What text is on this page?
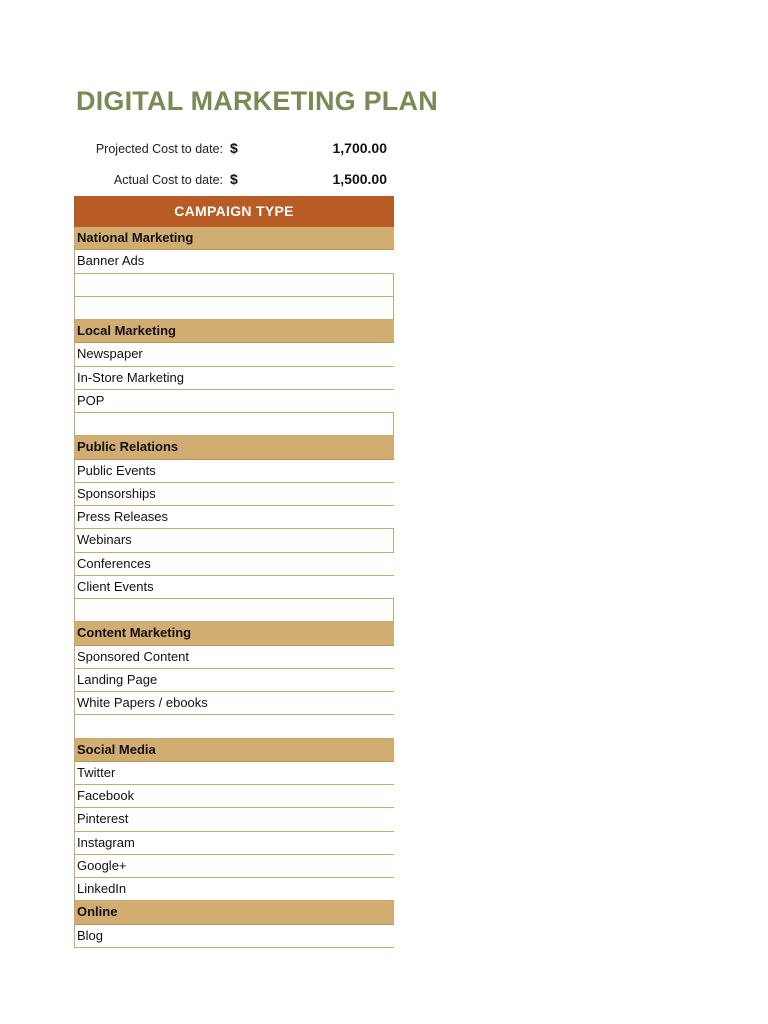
DIGITAL MARKETING PLAN
Projected Cost to date: $	1,700.00
Actual Cost to date: $	1,500.00
CAMPAIGN TYPE
National Marketing
Banner Ads
Local Marketing
Newspaper
In-Store Marketing
POP
Public Relations
Public Events
Sponsorships
Press Releases
Webinars
Conferences
Client Events
Content Marketing
Sponsored Content
Landing Page
White Papers / ebooks
Social Media
Twitter
Facebook
Pinterest
Instagram
Google+
LinkedIn
Online
Blog
